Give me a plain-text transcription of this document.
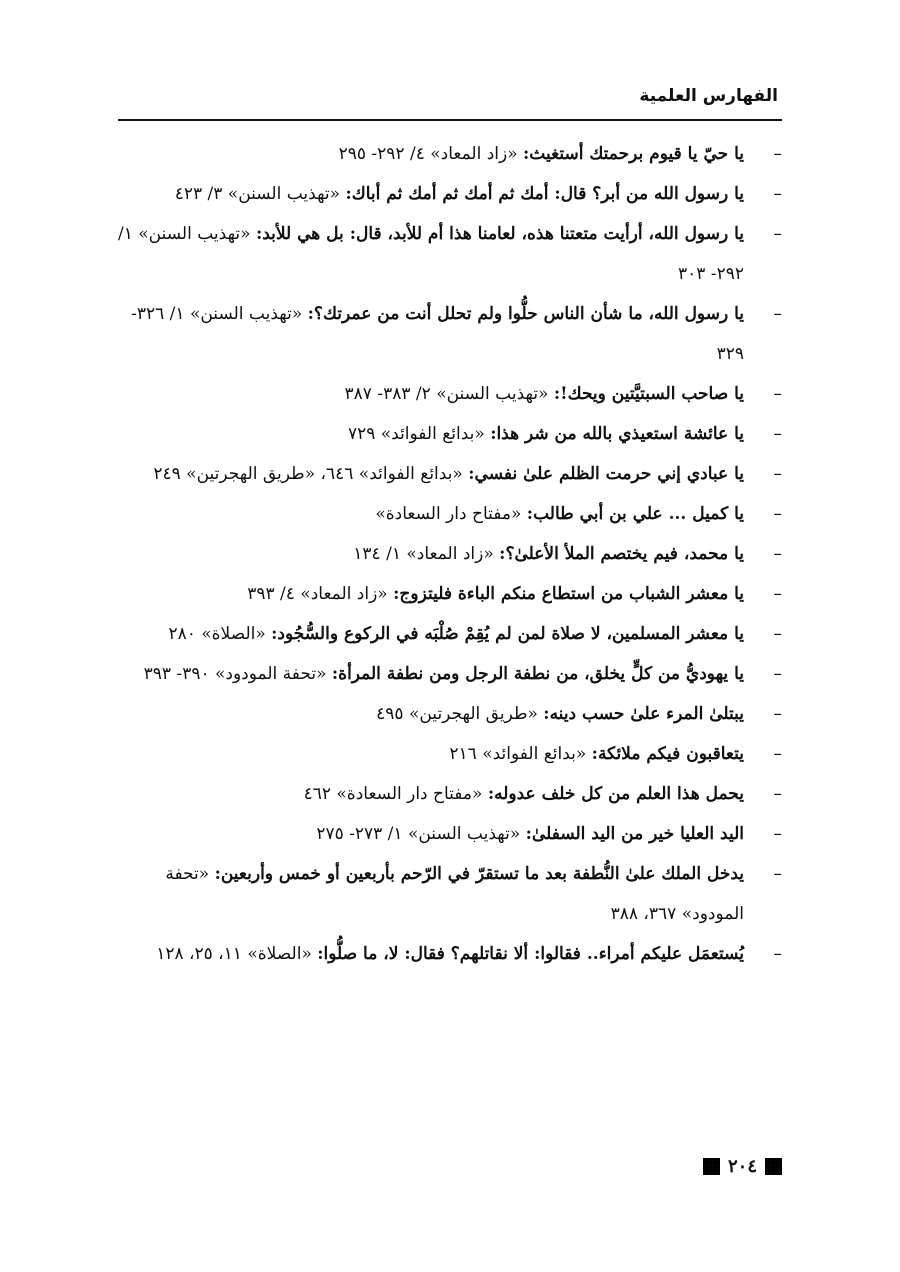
الفهارس العلمية
–
يا حيّ يا قيوم برحمتك أستغيث: «زاد المعاد» ٤/ ٢٩٢- ٢٩٥
–
يا رسول الله من أبر؟ قال: أمك ثم أمك ثم أمك ثم أباك: «تهذيب السنن» ٣/ ٤٢٣
–
يا رسول الله، أرأيت متعتنا هذه، لعامنا هذا أم للأبد، قال: بل هي للأبد: «تهذيب السنن» ١/ ٢٩٢- ٣٠٣
–
يا رسول الله، ما شأن الناس حلُّوا ولم تحلل أنت من عمرتك؟: «تهذيب السنن» ١/ ٣٢٦- ٣٢٩
–
يا صاحب السبتيَّتين ويحك!: «تهذيب السنن» ٢/ ٣٨٣- ٣٨٧
–
يا عائشة استعيذي بالله من شر هذا: «بدائع الفوائد» ٧٢٩
–
يا عبادي إني حرمت الظلم علىٰ نفسي: «بدائع الفوائد» ٦٤٦، «طريق الهجرتين» ٢٤٩
–
يا كميل ... علي بن أبي طالب: «مفتاح دار السعادة»
–
يا محمد، فيم يختصم الملأ الأعلىٰ؟: «زاد المعاد» ١/ ١٣٤
–
يا معشر الشباب من استطاع منكم الباءة فليتزوج: «زاد المعاد» ٤/ ٣٩٣
–
يا معشر المسلمين، لا صلاة لمن لم يُقِمْ صُلْبَه في الركوع والسُّجُود: «الصلاة» ٢٨٠
–
يا يهوديُّ من كلٍّ يخلق، من نطفة الرجل ومن نطفة المرأة: «تحفة المودود» ٣٩٠- ٣٩٣
–
يبتلىٰ المرء علىٰ حسب دينه: «طريق الهجرتين» ٤٩٥
–
يتعاقبون فيكم ملائكة: «بدائع الفوائد» ٢١٦
–
يحمل هذا العلم من كل خلف عدوله: «مفتاح دار السعادة» ٤٦٢
–
اليد العليا خير من اليد السفلىٰ: «تهذيب السنن» ١/ ٢٧٣- ٢٧٥
–
يدخل الملك علىٰ النُّطفة بعد ما تستقرّ في الرّحم بأربعين أو خمس وأربعين: «تحفة المودود» ٣٦٧، ٣٨٨
–
يُستعمَل عليكم أمراء.. فقالوا: ألا نقاتلهم؟ فقال: لا، ما صلُّوا: «الصلاة» ١١، ٢٥، ١٢٨
٢٠٤
